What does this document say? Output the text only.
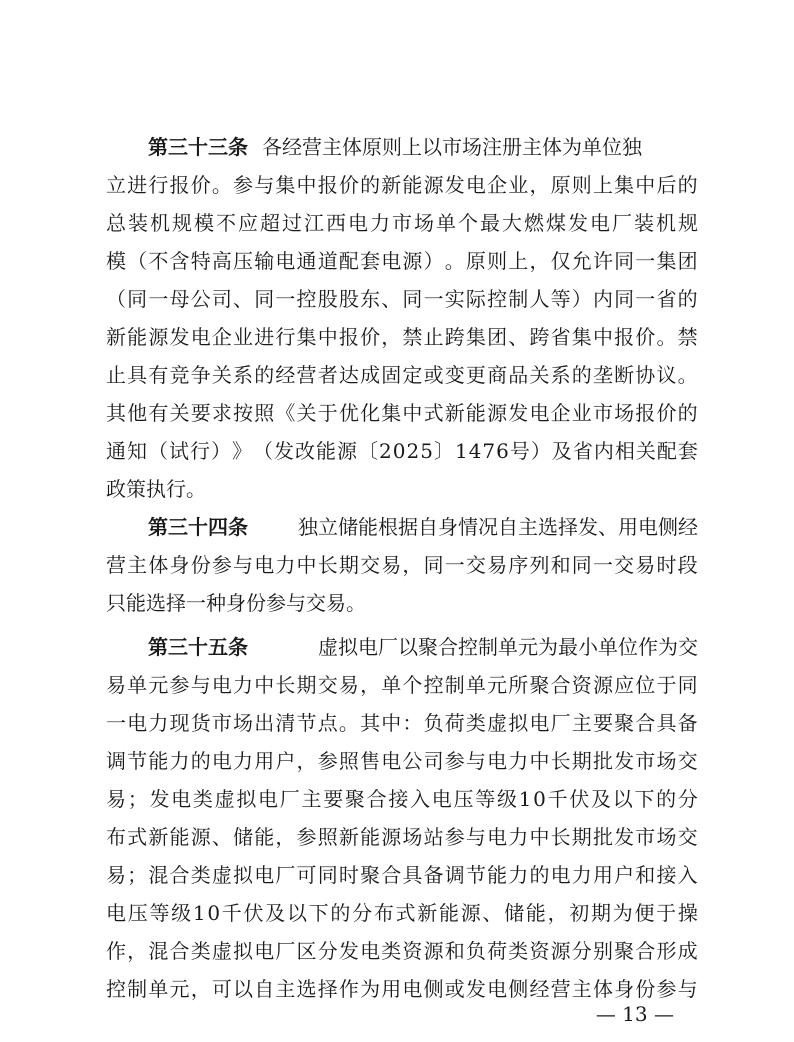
第三十三条 各经营主体原则上以市场注册主体为单位独
立 进 行 报 价 。 参 与 集 中 报 价 的 新 能 源 发 电 企 业 ， 原 则 上 集 中 后 的
总 装 机 规 模 不 应 超 过 江 西 电 力 市 场 单 个 最 大 燃 煤 发 电 厂 装 机 规
模 （ 不 含 特 高 压 输 电 通 道 配 套 电 源 ） 。 原 则 上 ， 仅 允 许 同 一 集 团
（ 同 一 母 公 司 、 同 一 控 股 股 东 、 同 一 实 际 控 制 人 等 ） 内 同 一 省 的
新 能 源 发 电 企 业 进 行 集 中 报 价 ， 禁 止 跨 集 团 、 跨 省 集 中 报 价 。 禁
止 具 有 竞 争 关 系 的 经 营 者 达 成 固 定 或 变 更 商 品 关 系 的 垄 断 协 议 。
其 他 有 关 要 求 按 照 《 关 于 优 化 集 中 式 新 能 源 发 电 企 业 市 场 报 价 的
通 知 （ 试 行 ） 》 （ 发 改 能 源 〔 2 0 2 5 〕 1 4 7 6 号 ） 及 省 内 相 关 配 套
政策执行。
第三十四条	独立储能根据自身情况自主选择发、用电侧经
营 主 体 身 份 参 与 电 力 中 长 期 交 易 ， 同 一 交 易 序 列 和 同 一 交 易 时 段
只能选择一种身份参与交易。
第三十五条	虚拟电厂以聚合控制单元为最小单位作为交
易 单 元 参 与 电 力 中 长 期 交 易 ， 单 个 控 制 单 元 所 聚 合 资 源 应 位 于 同
一 电 力 现 货 市 场 出 清 节 点 。 其 中 ： 负 荷 类 虚 拟 电 厂 主 要 聚 合 具 备
调 节 能 力 的 电 力 用 户 ， 参 照 售 电 公 司 参 与 电 力 中 长 期 批 发 市 场 交
易 ； 发 电 类 虚 拟 电 厂 主 要 聚 合 接 入 电 压 等 级 1 0 千 伏 及 以 下 的 分
布 式 新 能 源 、 储 能 ， 参 照 新 能 源 场 站 参 与 电 力 中 长 期 批 发 市 场 交
易 ； 混 合 类 虚 拟 电 厂 可 同 时 聚 合 具 备 调 节 能 力 的 电 力 用 户 和 接 入
电 压 等 级 1 0 千 伏 及 以 下 的 分 布 式 新 能 源 、 储 能 ， 初 期 为 便 于 操
作 ， 混 合 类 虚 拟 电 厂 区 分 发 电 类 资 源 和 负 荷 类 资 源 分 别 聚 合 形 成
控 制 单 元 ， 可 以 自 主 选 择 作 为 用 电 侧 或 发 电 侧 经 营 主 体 身 份 参 与
— 13 —
